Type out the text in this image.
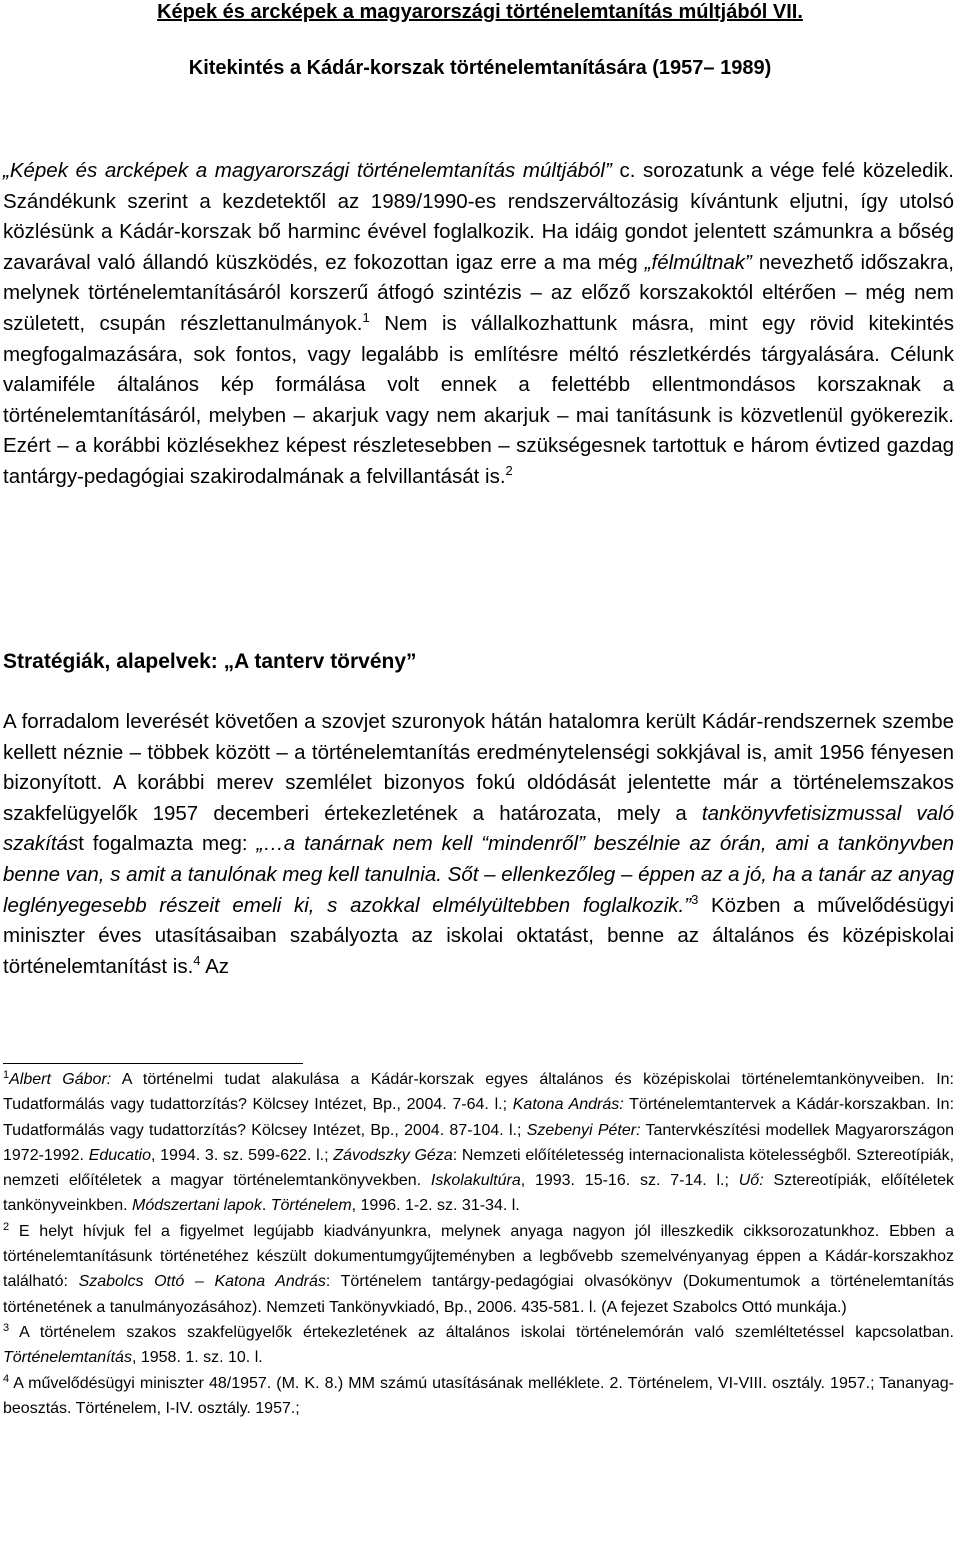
Képek és arcképek a magyarországi történelemtanítás múltjából VII.

Kitekintés a Kádár-korszak történelemtanítására (1957– 1989)

„Képek és arcképek a magyarországi történelemtanítás múltjából” c. sorozatunk a vége felé közeledik. Szándékunk szerint a kezdetektől az 1989/1990-es rendszerváltozásig kívántunk eljutni, így utolsó közlésünk a Kádár-korszak bő harminc évével foglalkozik. Ha idáig gondot jelentett számunkra a bőség zavarával való állandó küszködés, ez fokozottan igaz erre a ma még „félmúltnak” nevezhető időszakra, melynek történelemtanításáról korszerű átfogó szintézis – az előző korszakoktól eltérően – még nem született, csupán részlettanulmányok.$^1$ Nem is vállalkozhattunk másra, mint egy rövid kitekintés megfogalmazására, sok fontos, vagy legalább is említésre méltó részletkérdés tárgyalására. Célunk valamiféle általános kép formálása volt ennek a felettébb ellentmondásos korszaknak a történelemtanításáról, melyben – akarjuk vagy nem akarjuk – mai tanításunk is közvetlenül gyökerezik. Ezért – a korábbi közlésekhez képest részletesebben – szükségesnek tartottuk e három évtized gazdag tantárgy-pedagógiai szakirodalmának a felvillantását is.$^2$

Stratégiák, alapelvek: „A tanterv törvény”

A forradalom leverését követően a szovjet szuronyok hátán hatalomra került Kádár-rendszernek szembe kellett néznie – többek között – a történelemtanítás eredménytelenségi sokkjával is, amit 1956 fényesen bizonyított. A korábbi merev szemlélet bizonyos fokú oldódását jelentette már a történelemszakos szakfelügyelők 1957 decemberi értekezletének a határozata, mely a tankönyvfetisizmussal való szakítást fogalmazta meg: „…a tanárnak nem kell “mindenről” beszélnie az órán, ami a tankönyvben benne van, s amit a tanulónak meg kell tanulnia. Sőt – ellenkezőleg – éppen az a jó, ha a tanár az anyag leglényegesebb részeit emeli ki, s azokkal elmélyültebben foglalkozik.”$^3$ Közben a művelődésügyi miniszter éves utasításaiban szabályozta az iskolai oktatást, benne az általános és középiskolai történelemtanítást is.$^4$ Az

$^1$Albert Gábor: A történelmi tudat alakulása a Kádár-korszak egyes általános és középiskolai történelemtankönyveiben. In: Tudatformálás vagy tudattorzítás? Kölcsey Intézet, Bp., 2004. 7-64. l.; Katona András: Történelemtantervek a Kádár-korszakban. In: Tudatformálás vagy tudattorzítás? Kölcsey Intézet, Bp., 2004. 87-104. l.; Szebenyi Péter: Tantervkészítési modellek Magyarországon 1972-1992. Educatio, 1994. 3. sz. 599-622. l.; Závodszky Géza: Nemzeti előítéletesség internacionalista kötelességből. Sztereotípiák, nemzeti előítéletek a magyar történelemtankönyvekben. Iskolakultúra, 1993. 15-16. sz. 7-14. l.; Uő: Sztereotípiák, előítéletek tankönyveinkben. Módszertani lapok. Történelem, 1996. 1-2. sz. 31-34. l.

$^2$ E helyt hívjuk fel a figyelmet legújabb kiadványunkra, melynek anyaga nagyon jól illeszkedik cikksorozatunkhoz. Ebben a történelemtanításunk történetéhez készült dokumentumgyűjteményben a legbővebb szemelvényanyag éppen a Kádár-korszakhoz található: Szabolcs Ottó – Katona András: Történelem tantárgy-pedagógiai olvasókönyv (Dokumentumok a történelemtanítás történetének a tanulmányozásához). Nemzeti Tankönyvkiadó, Bp., 2006. 435-581. l. (A fejezet Szabolcs Ottó munkája.)

$^3$ A történelem szakos szakfelügyelők értekezletének az általános iskolai történelemórán való szemléltetéssel kapcsolatban. Történelemtanítás, 1958. 1. sz. 10. l.

$^4$ A művelődésügyi miniszter 48/1957. (M. K. 8.) MM számú utasításának melléklete. 2. Történelem, VI-VIII. osztály. 1957.; Tananyag-beosztás. Történelem, I-IV. osztály. 1957.;
